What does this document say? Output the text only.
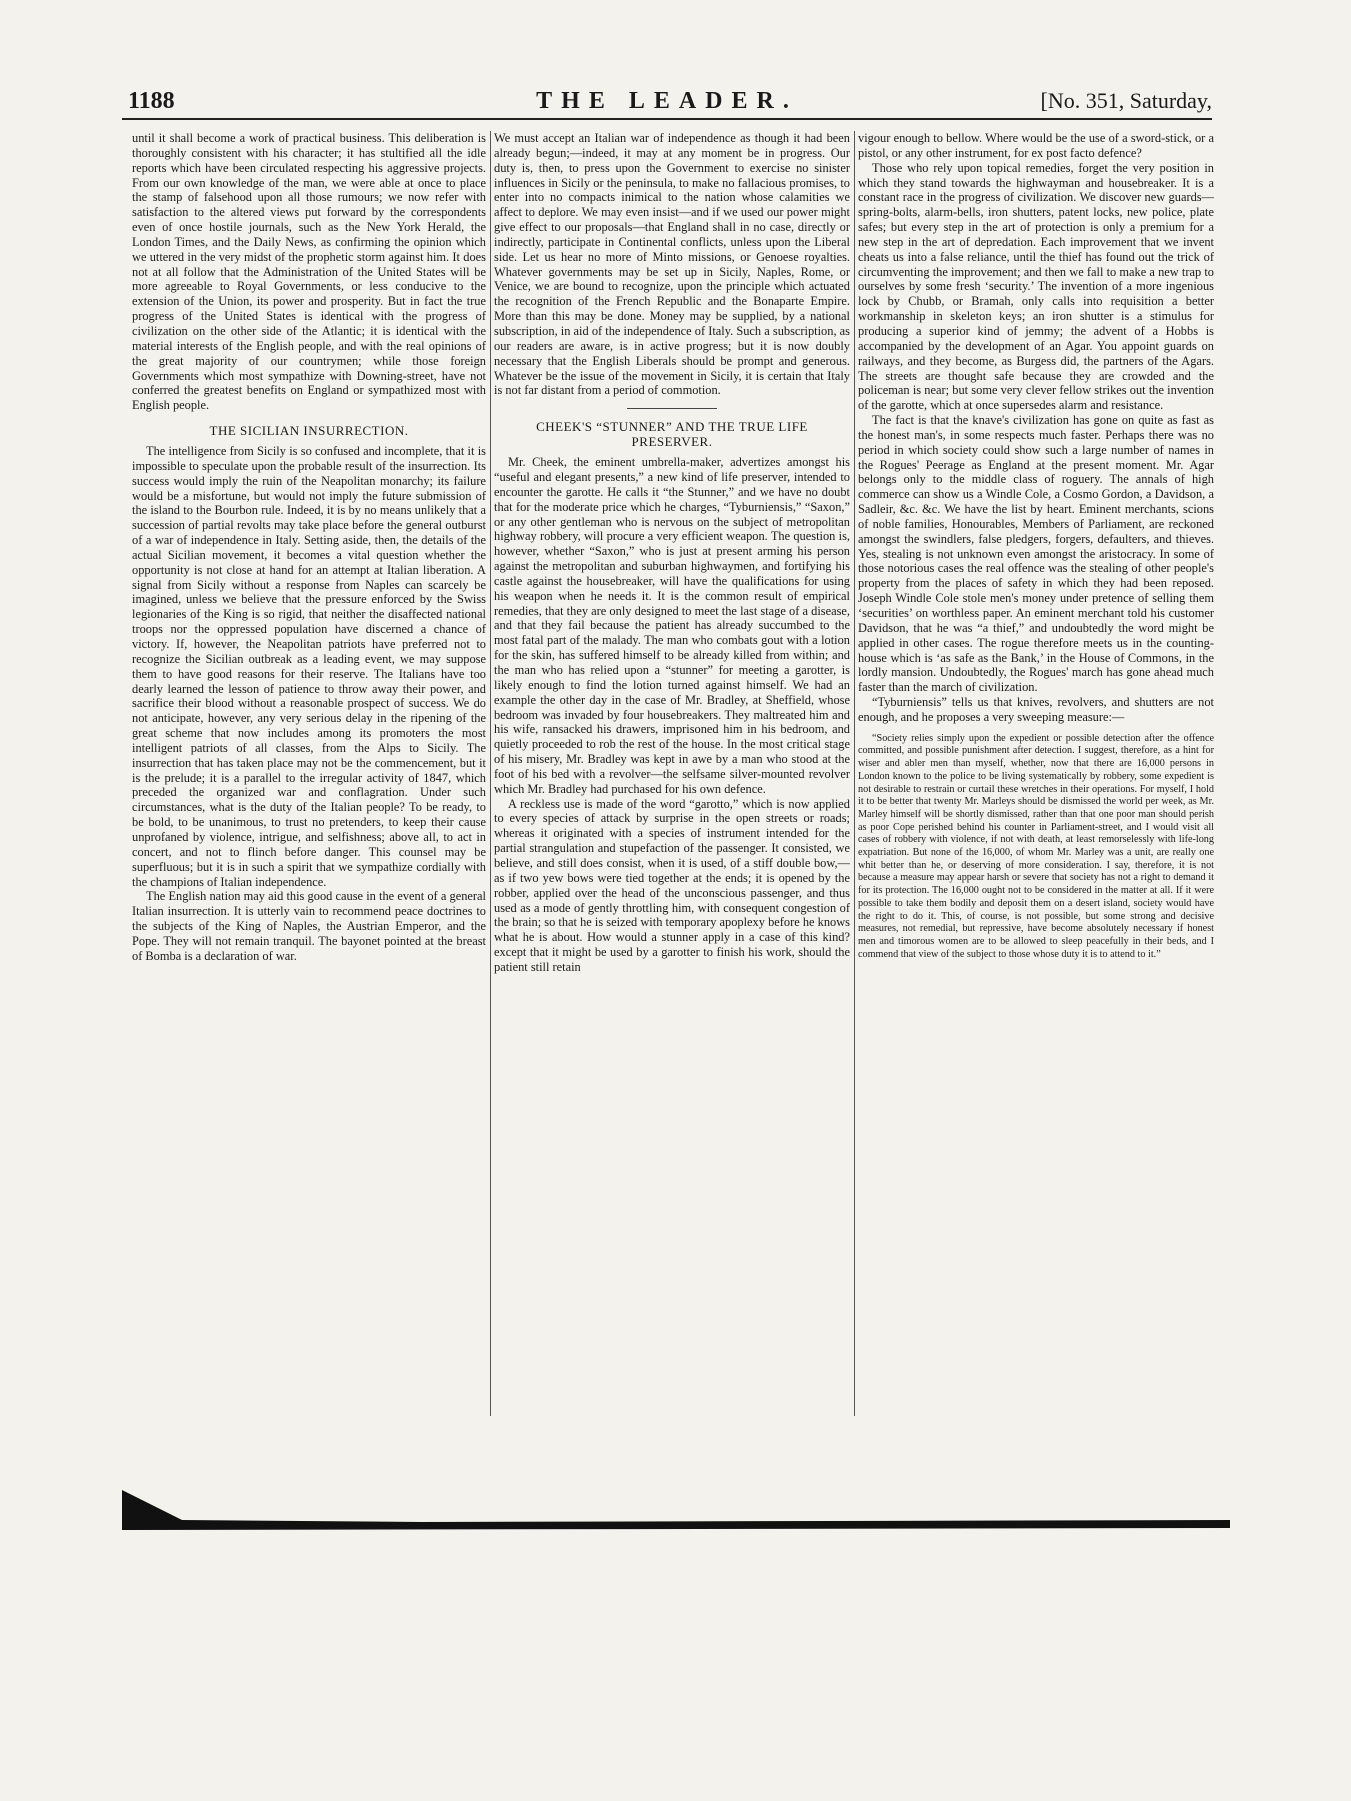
1188	THE LEADER.	[No. 351, Saturday,

until it shall become a work of practical business. This deliberation is thoroughly consistent with his character; it has stultified all the idle reports which have been circulated respecting his aggressive projects. From our own knowledge of the man, we were able at once to place the stamp of falsehood upon all those rumours; we now refer with satisfaction to the altered views put forward by the correspondents even of once hostile journals, such as the New York Herald, the London Times, and the Daily News, as confirming the opinion which we uttered in the very midst of the prophetic storm against him. It does not at all follow that the Administration of the United States will be more agreeable to Royal Governments, or less conducive to the extension of the Union, its power and prosperity. But in fact the true progress of the United States is identical with the progress of civilization on the other side of the Atlantic; it is identical with the material interests of the English people, and with the real opinions of the great majority of our countrymen; while those foreign Governments which most sympathize with Downing-street, have not conferred the greatest benefits on England or sympathized most with English people.

THE SICILIAN INSURRECTION.

The intelligence from Sicily is so confused and incomplete, that it is impossible to speculate upon the probable result of the insurrection. Its success would imply the ruin of the Neapolitan monarchy; its failure would be a misfortune, but would not imply the future submission of the island to the Bourbon rule. Indeed, it is by no means unlikely that a succession of partial revolts may take place before the general outburst of a war of independence in Italy. Setting aside, then, the details of the actual Sicilian movement, it becomes a vital question whether the opportunity is not close at hand for an attempt at Italian liberation. A signal from Sicily without a response from Naples can scarcely be imagined, unless we believe that the pressure enforced by the Swiss legionaries of the King is so rigid, that neither the disaffected national troops nor the oppressed population have discerned a chance of victory. If, however, the Neapolitan patriots have preferred not to recognize the Sicilian outbreak as a leading event, we may suppose them to have good reasons for their reserve. The Italians have too dearly learned the lesson of patience to throw away their power, and sacrifice their blood without a reasonable prospect of success. We do not anticipate, however, any very serious delay in the ripening of the great scheme that now includes among its promoters the most intelligent patriots of all classes, from the Alps to Sicily. The insurrection that has taken place may not be the commencement, but it is the prelude; it is a parallel to the irregular activity of 1847, which preceded the organized war and conflagration. Under such circumstances, what is the duty of the Italian people? To be ready, to be bold, to be unanimous, to trust no pretenders, to keep their cause unprofaned by violence, intrigue, and selfishness; above all, to act in concert, and not to flinch before danger. This counsel may be superfluous; but it is in such a spirit that we sympathize cordially with the champions of Italian independence.

The English nation may aid this good cause in the event of a general Italian insurrection. It is utterly vain to recommend peace doctrines to the subjects of the King of Naples, the Austrian Emperor, and the Pope. They will not remain tranquil. The bayonet pointed at the breast of Bomba is a declaration of war.

We must accept an Italian war of independence as though it had been already begun;—indeed, it may at any moment be in progress. Our duty is, then, to press upon the Government to exercise no sinister influences in Sicily or the peninsula, to make no fallacious promises, to enter into no compacts inimical to the nation whose calamities we affect to deplore. We may even insist—and if we used our power might give effect to our proposals—that England shall in no case, directly or indirectly, participate in Continental conflicts, unless upon the Liberal side. Let us hear no more of Minto missions, or Genoese royalties. Whatever governments may be set up in Sicily, Naples, Rome, or Venice, we are bound to recognize, upon the principle which actuated the recognition of the French Republic and the Bonaparte Empire. More than this may be done. Money may be supplied, by a national subscription, in aid of the independence of Italy. Such a subscription, as our readers are aware, is in active progress; but it is now doubly necessary that the English Liberals should be prompt and generous. Whatever be the issue of the movement in Sicily, it is certain that Italy is not far distant from a period of commotion.

CHEEK'S “STUNNER” AND THE TRUE LIFE PRESERVER.

Mr. Cheek, the eminent umbrella-maker, advertizes amongst his “useful and elegant presents,” a new kind of life preserver, intended to encounter the garotte. He calls it “the Stunner,” and we have no doubt that for the moderate price which he charges, “Tyburniensis,” “Saxon,” or any other gentleman who is nervous on the subject of metropolitan highway robbery, will procure a very efficient weapon. The question is, however, whether “Saxon,” who is just at present arming his person against the metropolitan and suburban highwaymen, and fortifying his castle against the housebreaker, will have the qualifications for using his weapon when he needs it. It is the common result of empirical remedies, that they are only designed to meet the last stage of a disease, and that they fail because the patient has already succumbed to the most fatal part of the malady. The man who combats gout with a lotion for the skin, has suffered himself to be already killed from within; and the man who has relied upon a “stunner” for meeting a garotter, is likely enough to find the lotion turned against himself. We had an example the other day in the case of Mr. Bradley, at Sheffield, whose bedroom was invaded by four housebreakers. They maltreated him and his wife, ransacked his drawers, imprisoned him in his bedroom, and quietly proceeded to rob the rest of the house. In the most critical stage of his misery, Mr. Bradley was kept in awe by a man who stood at the foot of his bed with a revolver—the selfsame silver-mounted revolver which Mr. Bradley had purchased for his own defence.

A reckless use is made of the word “garotto,” which is now applied to every species of attack by surprise in the open streets or roads; whereas it originated with a species of instrument intended for the partial strangulation and stupefaction of the passenger. It consisted, we believe, and still does consist, when it is used, of a stiff double bow,—as if two yew bows were tied together at the ends; it is opened by the robber, applied over the head of the unconscious passenger, and thus used as a mode of gently throttling him, with consequent congestion of the brain; so that he is seized with temporary apoplexy before he knows what he is about. How would a stunner apply in a case of this kind? except that it might be used by a garotter to finish his work, should the patient still retain

vigour enough to bellow. Where would be the use of a sword-stick, or a pistol, or any other instrument, for ex post facto defence?

Those who rely upon topical remedies, forget the very position in which they stand towards the highwayman and housebreaker. It is a constant race in the progress of civilization. We discover new guards—spring-bolts, alarm-bells, iron shutters, patent locks, new police, plate safes; but every step in the art of protection is only a premium for a new step in the art of depredation. Each improvement that we invent cheats us into a false reliance, until the thief has found out the trick of circumventing the improvement; and then we fall to make a new trap to ourselves by some fresh ‘security.’ The invention of a more ingenious lock by Chubb, or Bramah, only calls into requisition a better workmanship in skeleton keys; an iron shutter is a stimulus for producing a superior kind of jemmy; the advent of a Hobbs is accompanied by the development of an Agar. You appoint guards on railways, and they become, as Burgess did, the partners of the Agars. The streets are thought safe because they are crowded and the policeman is near; but some very clever fellow strikes out the invention of the garotte, which at once supersedes alarm and resistance.

The fact is that the knave's civilization has gone on quite as fast as the honest man's, in some respects much faster. Perhaps there was no period in which society could show such a large number of names in the Rogues' Peerage as England at the present moment. Mr. Agar belongs only to the middle class of roguery. The annals of high commerce can show us a Windle Cole, a Cosmo Gordon, a Davidson, a Sadleir, &c. &c. We have the list by heart. Eminent merchants, scions of noble families, Honourables, Members of Parliament, are reckoned amongst the swindlers, false pledgers, forgers, defaulters, and thieves. Yes, stealing is not unknown even amongst the aristocracy. In some of those notorious cases the real offence was the stealing of other people's property from the places of safety in which they had been reposed. Joseph Windle Cole stole men's money under pretence of selling them ‘securities’ on worthless paper. An eminent merchant told his customer Davidson, that he was “a thief,” and undoubtedly the word might be applied in other cases. The rogue therefore meets us in the counting-house which is ‘as safe as the Bank,’ in the House of Commons, in the lordly mansion. Undoubtedly, the Rogues' march has gone ahead much faster than the march of civilization.

“Tyburniensis” tells us that knives, revolvers, and shutters are not enough, and he proposes a very sweeping measure:—

“Society relies simply upon the expedient or possible detection after the offence committed, and possible punishment after detection. I suggest, therefore, as a hint for wiser and abler men than myself, whether, now that there are 16,000 persons in London known to the police to be living systematically by robbery, some expedient is not desirable to restrain or curtail these wretches in their operations. For myself, I hold it to be better that twenty Mr. Marleys should be dismissed the world per week, as Mr. Marley himself will be shortly dismissed, rather than that one poor man should perish as poor Cope perished behind his counter in Parliament-street, and I would visit all cases of robbery with violence, if not with death, at least remorselessly with life-long expatriation. But none of the 16,000, of whom Mr. Marley was a unit, are really one whit better than he, or deserving of more consideration. I say, therefore, it is not because a measure may appear harsh or severe that society has not a right to demand it for its protection. The 16,000 ought not to be considered in the matter at all. If it were possible to take them bodily and deposit them on a desert island, society would have the right to do it. This, of course, is not possible, but some strong and decisive measures, not remedial, but repressive, have become absolutely necessary if honest men and timorous women are to be allowed to sleep peacefully in their beds, and I commend that view of the subject to those whose duty it is to attend to it.”
